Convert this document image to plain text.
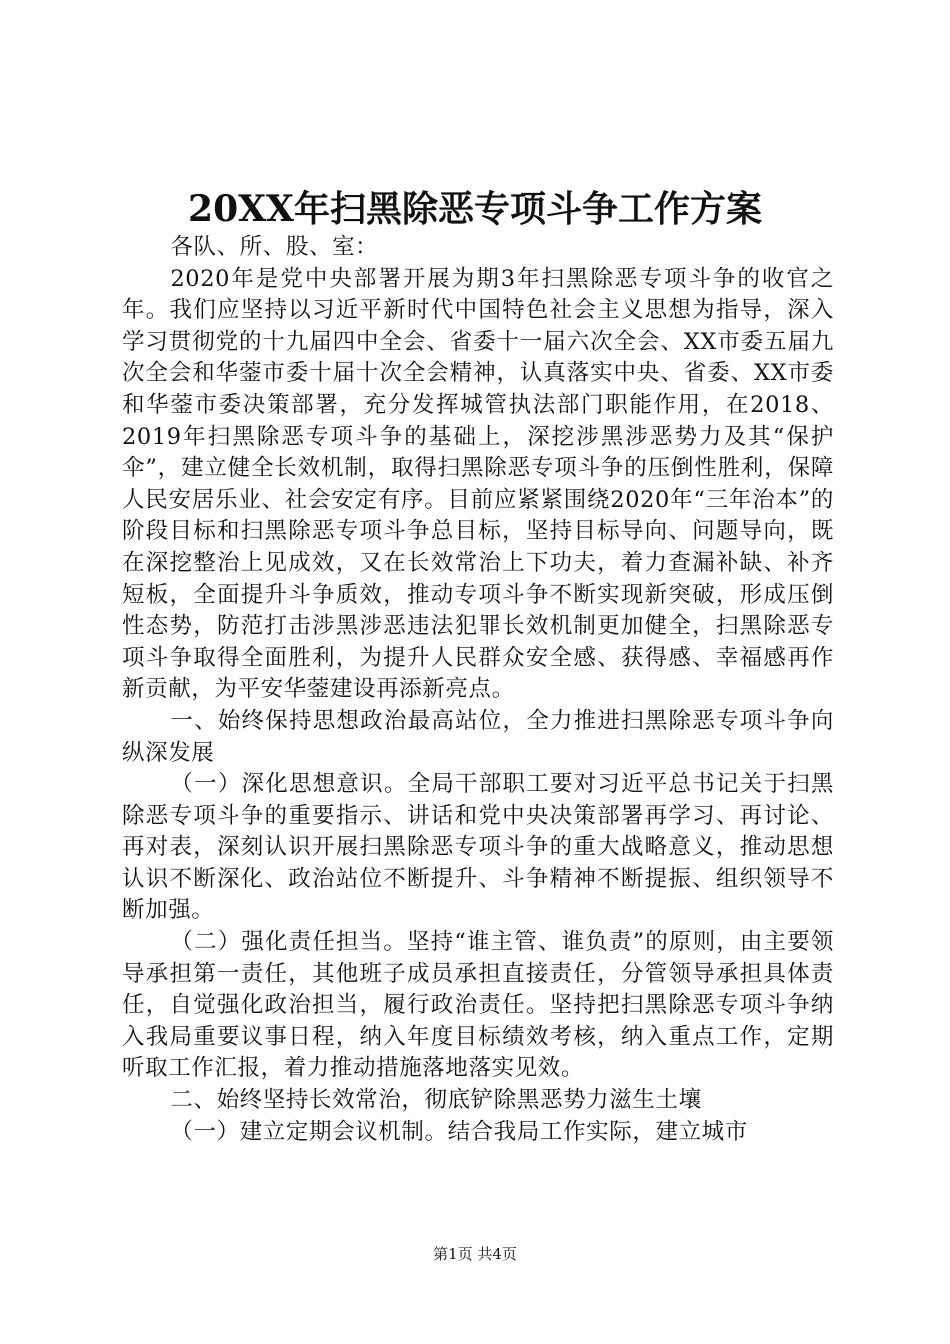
20XX年扫黑除恶专项斗争工作方案

各队、所、股、室：

2020年是党中央部署开展为期3年扫黑除恶专项斗争的收官之年。我们应坚持以习近平新时代中国特色社会主义思想为指导，深入学习贯彻党的十九届四中全会、省委十一届六次全会、XX市委五届九次全会和华蓥市委十届十次全会精神，认真落实中央、省委、XX市委和华蓥市委决策部署，充分发挥城管执法部门职能作用，在2018、2019年扫黑除恶专项斗争的基础上，深挖涉黑涉恶势力及其“保护伞”，建立健全长效机制，取得扫黑除恶专项斗争的压倒性胜利，保障人民安居乐业、社会安定有序。目前应紧紧围绕2020年“三年治本”的阶段目标和扫黑除恶专项斗争总目标，坚持目标导向、问题导向，既在深挖整治上见成效，又在长效常治上下功夫，着力查漏补缺、补齐短板，全面提升斗争质效，推动专项斗争不断实现新突破，形成压倒性态势，防范打击涉黑涉恶违法犯罪长效机制更加健全，扫黑除恶专项斗争取得全面胜利，为提升人民群众安全感、获得感、幸福感再作新贡献，为平安华蓥建设再添新亮点。

一、始终保持思想政治最高站位，全力推进扫黑除恶专项斗争向纵深发展

（一）深化思想意识。全局干部职工要对习近平总书记关于扫黑除恶专项斗争的重要指示、讲话和党中央决策部署再学习、再讨论、再对表，深刻认识开展扫黑除恶专项斗争的重大战略意义，推动思想认识不断深化、政治站位不断提升、斗争精神不断提振、组织领导不断加强。

（二）强化责任担当。坚持“谁主管、谁负责”的原则，由主要领导承担第一责任，其他班子成员承担直接责任，分管领导承担具体责任，自觉强化政治担当，履行政治责任。坚持把扫黑除恶专项斗争纳入我局重要议事日程，纳入年度目标绩效考核，纳入重点工作，定期听取工作汇报，着力推动措施落地落实见效。

二、始终坚持长效常治，彻底铲除黑恶势力滋生土壤

（一）建立定期会议机制。结合我局工作实际，建立城市

第1页 共4页
